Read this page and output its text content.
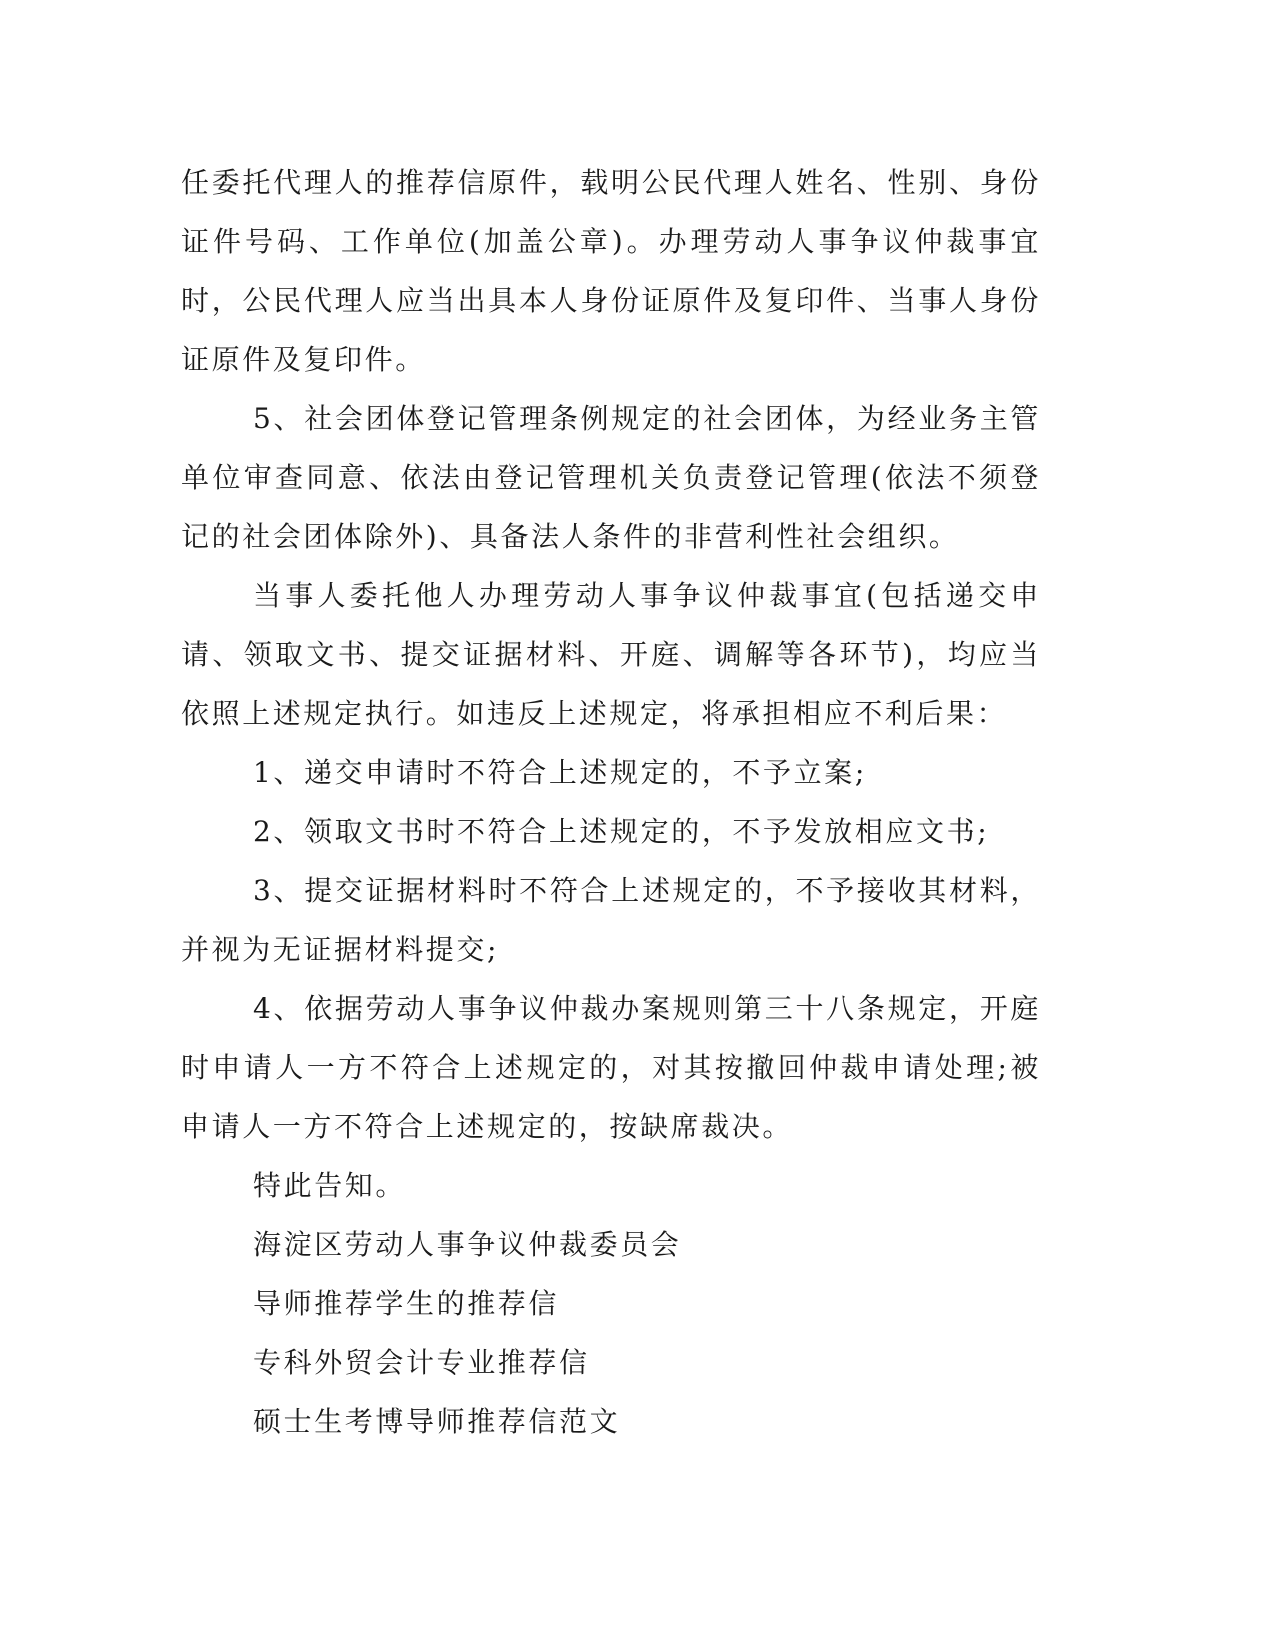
任委托代理人的推荐信原件，载明公民代理人姓名、性别、身份证件号码、工作单位(加盖公章)。办理劳动人事争议仲裁事宜时，公民代理人应当出具本人身份证原件及复印件、当事人身份证原件及复印件。

5、社会团体登记管理条例规定的社会团体，为经业务主管单位审查同意、依法由登记管理机关负责登记管理(依法不须登记的社会团体除外)、具备法人条件的非营利性社会组织。

当事人委托他人办理劳动人事争议仲裁事宜(包括递交申请、领取文书、提交证据材料、开庭、调解等各环节)，均应当依照上述规定执行。如违反上述规定，将承担相应不利后果：

1、递交申请时不符合上述规定的，不予立案;

2、领取文书时不符合上述规定的，不予发放相应文书;

3、提交证据材料时不符合上述规定的，不予接收其材料，并视为无证据材料提交;

4、依据劳动人事争议仲裁办案规则第三十八条规定，开庭时申请人一方不符合上述规定的，对其按撤回仲裁申请处理;被申请人一方不符合上述规定的，按缺席裁决。

特此告知。

海淀区劳动人事争议仲裁委员会

导师推荐学生的推荐信

专科外贸会计专业推荐信

硕士生考博导师推荐信范文
